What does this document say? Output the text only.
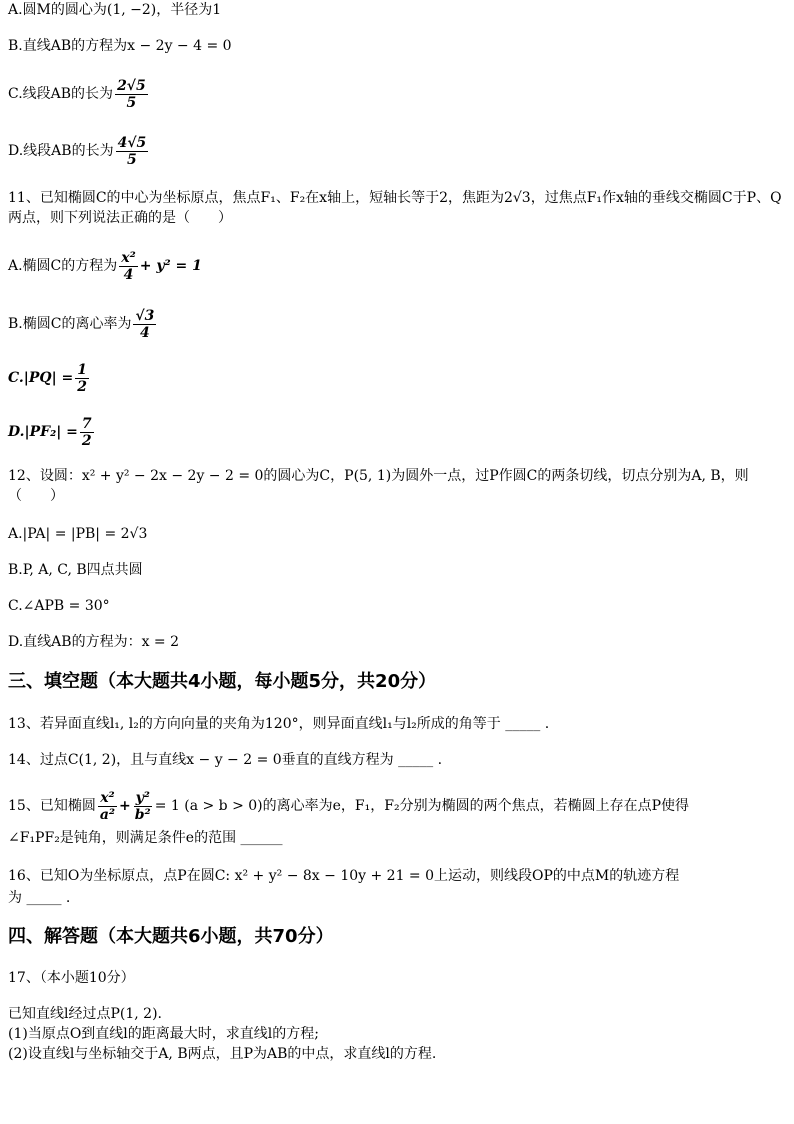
A.圆M的圆心为(1, −2)，半径为1
B.直线AB的方程为x − 2y − 4 = 0
C.线段AB的长为 $\frac{2√5}{5}$
D.线段AB的长为 $\frac{4√5}{5}$
11、已知椭圆C的中心为坐标原点，焦点F₁、F₂在x轴上，短轴长等于2，焦距为2√3，过焦点F₁作x轴的垂线交椭圆C于P、Q两点，则下列说法正确的是（　　）
A.椭圆C的方程为 $\frac{\text{x²}}{4} + y^2 = 1$
B.椭圆C的离心率为 $\frac{√3}{4}$
$C.|PQ| = \frac{1}{2}$
$D.|PF_2| = \frac{7}{2}$
12、设圆：x² + y² − 2x − 2y − 2 = 0的圆心为C，P(5, 1)为圆外一点，过P作圆C的两条切线，切点分别为A, B，则（　　）
A.|PA| = |PB| = 2√3
B.P, A, C, B四点共圆
C.∠APB = 30°
D.直线AB的方程为：x = 2
三、填空题（本大题共4小题，每小题5分，共20分）
13、若异面直线l₁, l₂的方向向量的夹角为120°，则异面直线l₁与l₂所成的角等于 _____ .
14、过点C(1, 2)，且与直线x − y − 2 = 0垂直的直线方程为 _____ .
15、已知椭圆 $\frac{\text{x²}}{\text{a²}} + \frac{\text{y²}}{\text{b²}} = 1$ (a > b > 0)的离心率为e，F₁，F₂分别为椭圆的两个焦点，若椭圆上存在点P使得
∠F₁PF₂是钝角，则满足条件e的范围 ______
16、已知O为坐标原点，点P在圆C: x² + y² − 8x − 10y + 21 = 0上运动，则线段OP的中点M的轨迹方程
为 _____ .
四、解答题（本大题共6小题，共70分）
17、（本小题10分）
已知直线l经过点P(1, 2).
(1)当原点O到直线l的距离最大时，求直线l的方程;
(2)设直线l与坐标轴交于A, B两点，且P为AB的中点，求直线l的方程.
